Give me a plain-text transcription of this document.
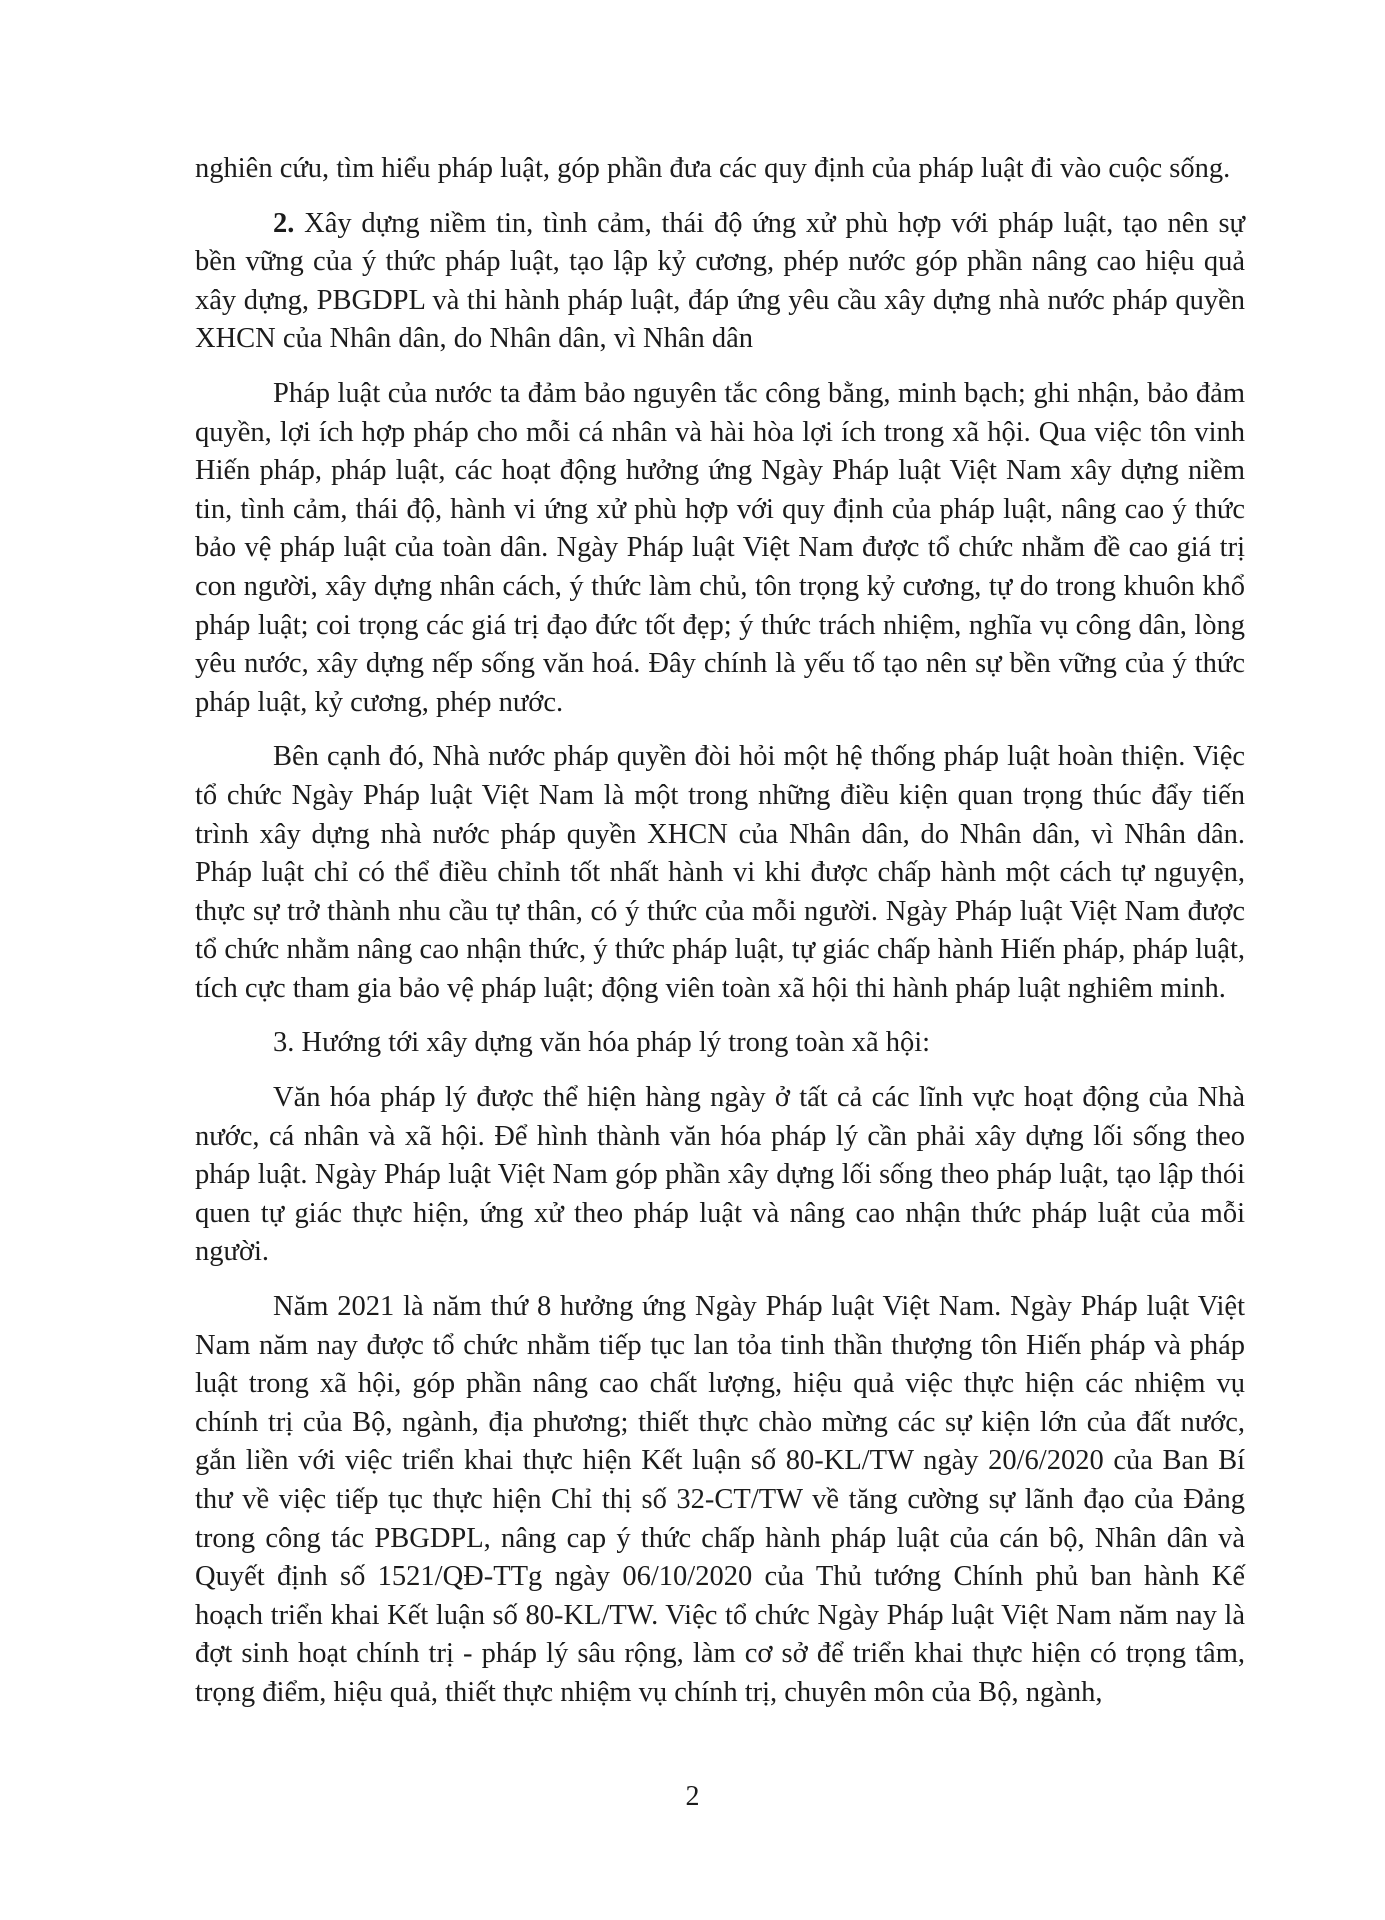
nghiên cứu, tìm hiểu pháp luật, góp phần đưa các quy định của pháp luật đi vào cuộc sống.

2. Xây dựng niềm tin, tình cảm, thái độ ứng xử phù hợp với pháp luật, tạo nên sự bền vững của ý thức pháp luật, tạo lập kỷ cương, phép nước góp phần nâng cao hiệu quả xây dựng, PBGDPL và thi hành pháp luật, đáp ứng yêu cầu xây dựng nhà nước pháp quyền XHCN của Nhân dân, do Nhân dân, vì Nhân dân

Pháp luật của nước ta đảm bảo nguyên tắc công bằng, minh bạch; ghi nhận, bảo đảm quyền, lợi ích hợp pháp cho mỗi cá nhân và hài hòa lợi ích trong xã hội. Qua việc tôn vinh Hiến pháp, pháp luật, các hoạt động hưởng ứng Ngày Pháp luật Việt Nam xây dựng niềm tin, tình cảm, thái độ, hành vi ứng xử phù hợp với quy định của pháp luật, nâng cao ý thức bảo vệ pháp luật của toàn dân. Ngày Pháp luật Việt Nam được tổ chức nhằm đề cao giá trị con người, xây dựng nhân cách, ý thức làm chủ, tôn trọng kỷ cương, tự do trong khuôn khổ pháp luật; coi trọng các giá trị đạo đức tốt đẹp; ý thức trách nhiệm, nghĩa vụ công dân, lòng yêu nước, xây dựng nếp sống văn hoá. Đây chính là yếu tố tạo nên sự bền vững của ý thức pháp luật, kỷ cương, phép nước.

Bên cạnh đó, Nhà nước pháp quyền đòi hỏi một hệ thống pháp luật hoàn thiện. Việc tổ chức Ngày Pháp luật Việt Nam là một trong những điều kiện quan trọng thúc đẩy tiến trình xây dựng nhà nước pháp quyền XHCN của Nhân dân, do Nhân dân, vì Nhân dân. Pháp luật chỉ có thể điều chỉnh tốt nhất hành vi khi được chấp hành một cách tự nguyện, thực sự trở thành nhu cầu tự thân, có ý thức của mỗi người. Ngày Pháp luật Việt Nam được tổ chức nhằm nâng cao nhận thức, ý thức pháp luật, tự giác chấp hành Hiến pháp, pháp luật, tích cực tham gia bảo vệ pháp luật; động viên toàn xã hội thi hành pháp luật nghiêm minh.

3. Hướng tới xây dựng văn hóa pháp lý trong toàn xã hội:

Văn hóa pháp lý được thể hiện hàng ngày ở tất cả các lĩnh vực hoạt động của Nhà nước, cá nhân và xã hội. Để hình thành văn hóa pháp lý cần phải xây dựng lối sống theo pháp luật. Ngày Pháp luật Việt Nam góp phần xây dựng lối sống theo pháp luật, tạo lập thói quen tự giác thực hiện, ứng xử theo pháp luật và nâng cao nhận thức pháp luật của mỗi người.

Năm 2021 là năm thứ 8 hưởng ứng Ngày Pháp luật Việt Nam. Ngày Pháp luật Việt Nam năm nay được tổ chức nhằm tiếp tục lan tỏa tinh thần thượng tôn Hiến pháp và pháp luật trong xã hội, góp phần nâng cao chất lượng, hiệu quả việc thực hiện các nhiệm vụ chính trị của Bộ, ngành, địa phương; thiết thực chào mừng các sự kiện lớn của đất nước, gắn liền với việc triển khai thực hiện Kết luận số 80-KL/TW ngày 20/6/2020 của Ban Bí thư về việc tiếp tục thực hiện Chỉ thị số 32-CT/TW về tăng cường sự lãnh đạo của Đảng trong công tác PBGDPL, nâng cap ý thức chấp hành pháp luật của cán bộ, Nhân dân và Quyết định số 1521/QĐ-TTg ngày 06/10/2020 của Thủ tướng Chính phủ ban hành Kế hoạch triển khai Kết luận số 80-KL/TW. Việc tổ chức Ngày Pháp luật Việt Nam năm nay là đợt sinh hoạt chính trị - pháp lý sâu rộng, làm cơ sở để triển khai thực hiện có trọng tâm, trọng điểm, hiệu quả, thiết thực nhiệm vụ chính trị, chuyên môn của Bộ, ngành,

2
